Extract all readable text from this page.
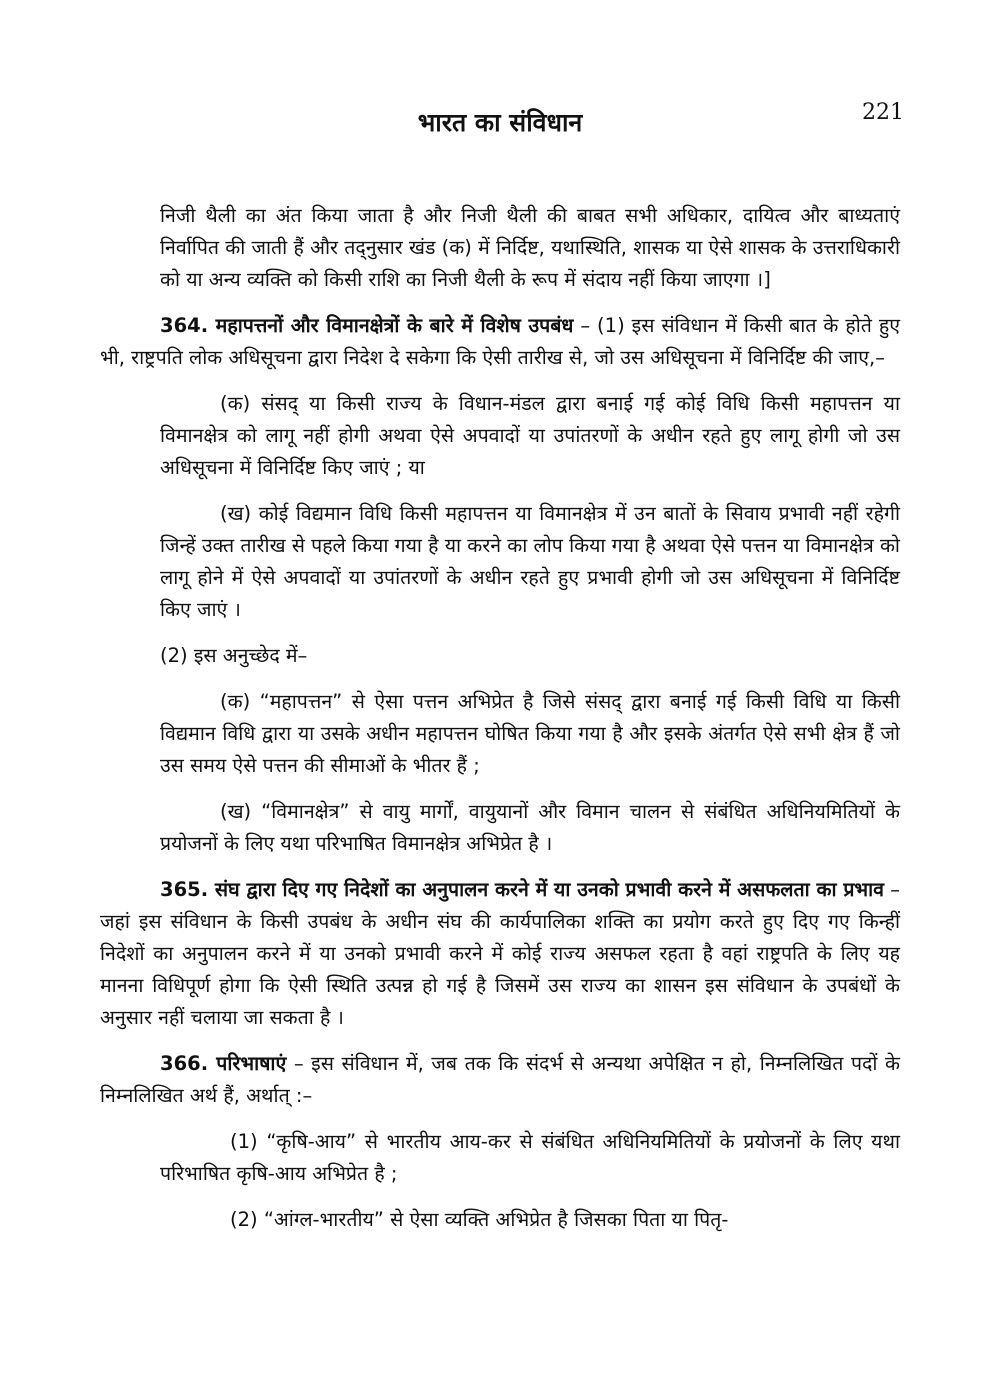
भारत का संविधान	221

निजी थैली का अंत किया जाता है और निजी थैली की बाबत सभी अधिकार, दायित्व और बाध्यताएं निर्वापित की जाती हैं और तद्नुसार खंड (क) में निर्दिष्ट, यथास्थिति, शासक या ऐसे शासक के उत्तराधिकारी को या अन्य व्यक्ति को किसी राशि का निजी थैली के रूप में संदाय नहीं किया जाएगा ।]

364. महापत्तनों और विमानक्षेत्रों के बारे में विशेष उपबंध – (1) इस संविधान में किसी बात के होते हुए भी, राष्ट्रपति लोक अधिसूचना द्वारा निदेश दे सकेगा कि ऐसी तारीख से, जो उस अधिसूचना में विनिर्दिष्ट की जाए,–

(क) संसद् या किसी राज्य के विधान-मंडल द्वारा बनाई गई कोई विधि किसी महापत्तन या विमानक्षेत्र को लागू नहीं होगी अथवा ऐसे अपवादों या उपांतरणों के अधीन रहते हुए लागू होगी जो उस अधिसूचना में विनिर्दिष्ट किए जाएं ; या

(ख) कोई विद्यमान विधि किसी महापत्तन या विमानक्षेत्र में उन बातों के सिवाय प्रभावी नहीं रहेगी जिन्हें उक्त तारीख से पहले किया गया है या करने का लोप किया गया है अथवा ऐसे पत्तन या विमानक्षेत्र को लागू होने में ऐसे अपवादों या उपांतरणों के अधीन रहते हुए प्रभावी होगी जो उस अधिसूचना में विनिर्दिष्ट किए जाएं ।

(2) इस अनुच्छेद में–

(क) “महापत्तन” से ऐसा पत्तन अभिप्रेत है जिसे संसद् द्वारा बनाई गई किसी विधि या किसी विद्यमान विधि द्वारा या उसके अधीन महापत्तन घोषित किया गया है और इसके अंतर्गत ऐसे सभी क्षेत्र हैं जो उस समय ऐसे पत्तन की सीमाओं के भीतर हैं ;

(ख) “विमानक्षेत्र” से वायु मार्गों, वायुयानों और विमान चालन से संबंधित अधिनियमितियों के प्रयोजनों के लिए यथा परिभाषित विमानक्षेत्र अभिप्रेत है ।

365. संघ द्वारा दिए गए निदेशों का अनुपालन करने में या उनको प्रभावी करने में असफलता का प्रभाव – जहां इस संविधान के किसी उपबंध के अधीन संघ की कार्यपालिका शक्ति का प्रयोग करते हुए दिए गए किन्हीं निदेशों का अनुपालन करने में या उनको प्रभावी करने में कोई राज्य असफल रहता है वहां राष्ट्रपति के लिए यह मानना विधिपूर्ण होगा कि ऐसी स्थिति उत्पन्न हो गई है जिसमें उस राज्य का शासन इस संविधान के उपबंधों के अनुसार नहीं चलाया जा सकता है ।

366. परिभाषाएं – इस संविधान में, जब तक कि संदर्भ से अन्यथा अपेक्षित न हो, निम्नलिखित पदों के निम्नलिखित अर्थ हैं, अर्थात् :–

(1) “कृषि-आय” से भारतीय आय-कर से संबंधित अधिनियमितियों के प्रयोजनों के लिए यथा परिभाषित कृषि-आय अभिप्रेत है ;

(2) “आंग्ल-भारतीय” से ऐसा व्यक्ति अभिप्रेत है जिसका पिता या पितृ-
